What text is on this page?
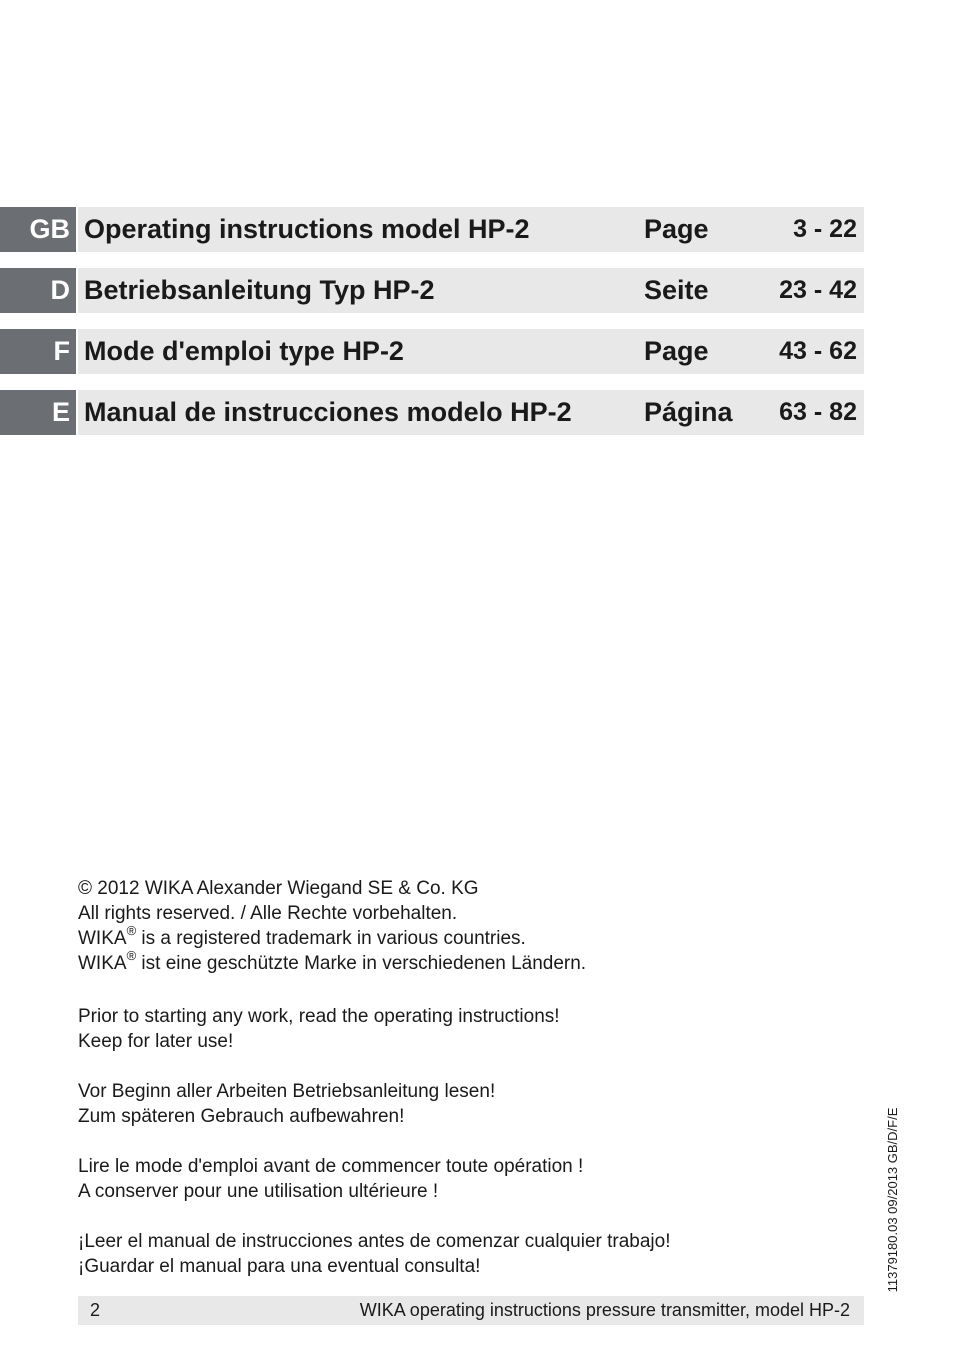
GB Operating instructions model HP-2	Page	3 - 22
D Betriebsanleitung Typ HP-2	Seite	23 - 42
F Mode d'emploi type HP-2	Page	43 - 62
E Manual de instrucciones modelo HP-2	Página 63 - 82

© 2012 WIKA Alexander Wiegand SE & Co. KG

All rights reserved. / Alle Rechte vorbehalten.

WIKA® is a registered trademark in various countries.

WIKA® ist eine geschützte Marke in verschiedenen Ländern.

Prior to starting any work, read the operating instructions!

Keep for later use!

Vor Beginn aller Arbeiten Betriebsanleitung lesen!

Zum späteren Gebrauch aufbewahren!

Lire le mode d'emploi avant de commencer toute opération !

A conserver pour une utilisation ultérieure !

¡Leer el manual de instrucciones antes de comenzar cualquier trabajo!

¡Guardar el manual para una eventual consulta!	11379180.03 09/2013 GB/D/F/E
2	WIKA operating instructions pressure transmitter, model HP-2
